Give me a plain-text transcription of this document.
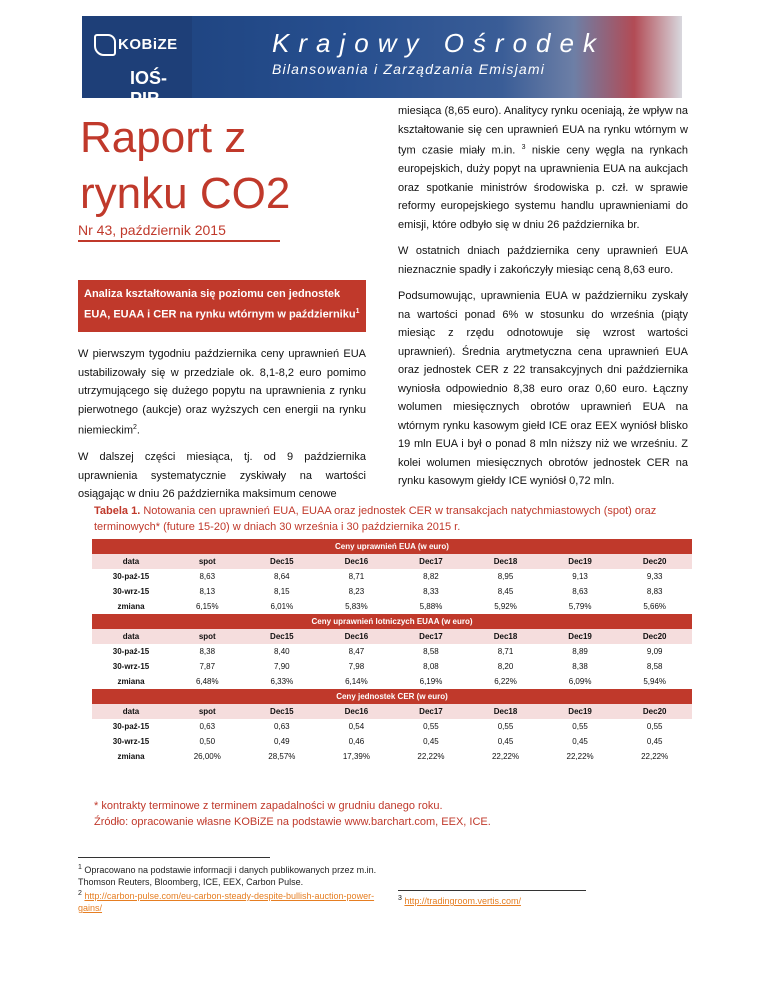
KOBiZE
IOŚ-PIB
Krajowy Ośrodek
Bilansowania i Zarządzania Emisjami
Raport z rynku CO2
Nr 43, październik 2015
Analiza kształtowania się poziomu cen jednostek EUA, EUAA i CER na rynku wtórnym w październiku$^1$

W pierwszym tygodniu października ceny uprawnień EUA ustabilizowały się w przedziale ok. 8,1-8,2 euro pomimo utrzymującego się dużego popytu na uprawnienia z rynku pierwotnego (aukcje) oraz wyższych cen energii na rynku niemieckim$^2$.

W dalszej części miesiąca, tj. od 9 października uprawnienia systematycznie zyskiwały na wartości osiągając w dniu 26 października maksimum cenowe

miesiąca (8,65 euro). Analitycy rynku oceniają, że wpływ na kształtowanie się cen uprawnień EUA na rynku wtórnym w tym czasie miały m.in. $^3$ niskie ceny węgla na rynkach europejskich, duży popyt na uprawnienia EUA na aukcjach oraz spotkanie ministrów środowiska p. czł. w sprawie reformy europejskiego systemu handlu uprawnieniami do emisji, które odbyło się w dniu 26 października br.

W ostatnich dniach października ceny uprawnień EUA nieznacznie spadły i zakończyły miesiąc ceną 8,63 euro.

Podsumowując, uprawnienia EUA w październiku zyskały na wartości ponad 6% w stosunku do września (piąty miesiąc z rzędu odnotowuje się wzrost wartości uprawnień). Średnia arytmetyczna cena uprawnień EUA oraz jednostek CER z 22 transakcyjnych dni października wyniosła odpowiednio 8,38 euro oraz 0,60 euro. Łączny wolumen miesięcznych obrotów uprawnień EUA na wtórnym rynku kasowym giełd ICE oraz EEX wyniósł blisko 19 mln EUA i był o ponad 8 mln niższy niż we wrześniu. Z kolei wolumen miesięcznych obrotów jednostek CER na rynku kasowym giełdy ICE wyniósł 0,72 mln.

Tabela 1. Notowania cen uprawnień EUA, EUAA oraz jednostek CER w transakcjach natychmiastowych (spot) oraz terminowych* (future 15-20) w dniach 30 września i 30 października 2015 r.
Ceny uprawnień EUA (w euro)							
data	spot	Dec15	Dec16	Dec17	Dec18	Dec19	Dec20
30-paź-15	8,63	8,64	8,71	8,82	8,95	9,13	9,33
30-wrz-15	8,13	8,15	8,23	8,33	8,45	8,63	8,83
zmiana	6,15%	6,01%	5,83%	5,88%	5,92%	5,79%	5,66%
Ceny uprawnień lotniczych EUAA (w euro)							
data	spot	Dec15	Dec16	Dec17	Dec18	Dec19	Dec20
30-paź-15	8,38	8,40	8,47	8,58	8,71	8,89	9,09
30-wrz-15	7,87	7,90	7,98	8,08	8,20	8,38	8,58
zmiana	6,48%	6,33%	6,14%	6,19%	6,22%	6,09%	5,94%
Ceny jednostek CER (w euro)							
data	spot	Dec15	Dec16	Dec17	Dec18	Dec19	Dec20
30-paź-15	0,63	0,63	0,54	0,55	0,55	0,55	0,55
30-wrz-15	0,50	0,49	0,46	0,45	0,45	0,45	0,45
zmiana	26,00%	28,57%	17,39%	22,22%	22,22%	22,22%	22,22%
* kontrakty terminowe z terminem zapadalności w grudniu danego roku.
Źródło: opracowanie własne KOBiZE na podstawie www.barchart.com, EEX, ICE.
$^1$ Opracowano na podstawie informacji i danych publikowanych przez m.in. Thomson Reuters, Bloomberg, ICE, EEX, Carbon Pulse.
$^2$ http://carbon-pulse.com/eu-carbon-steady-despite-bullish-auction-power-gains/
$^3$ http://tradingroom.vertis.com/
